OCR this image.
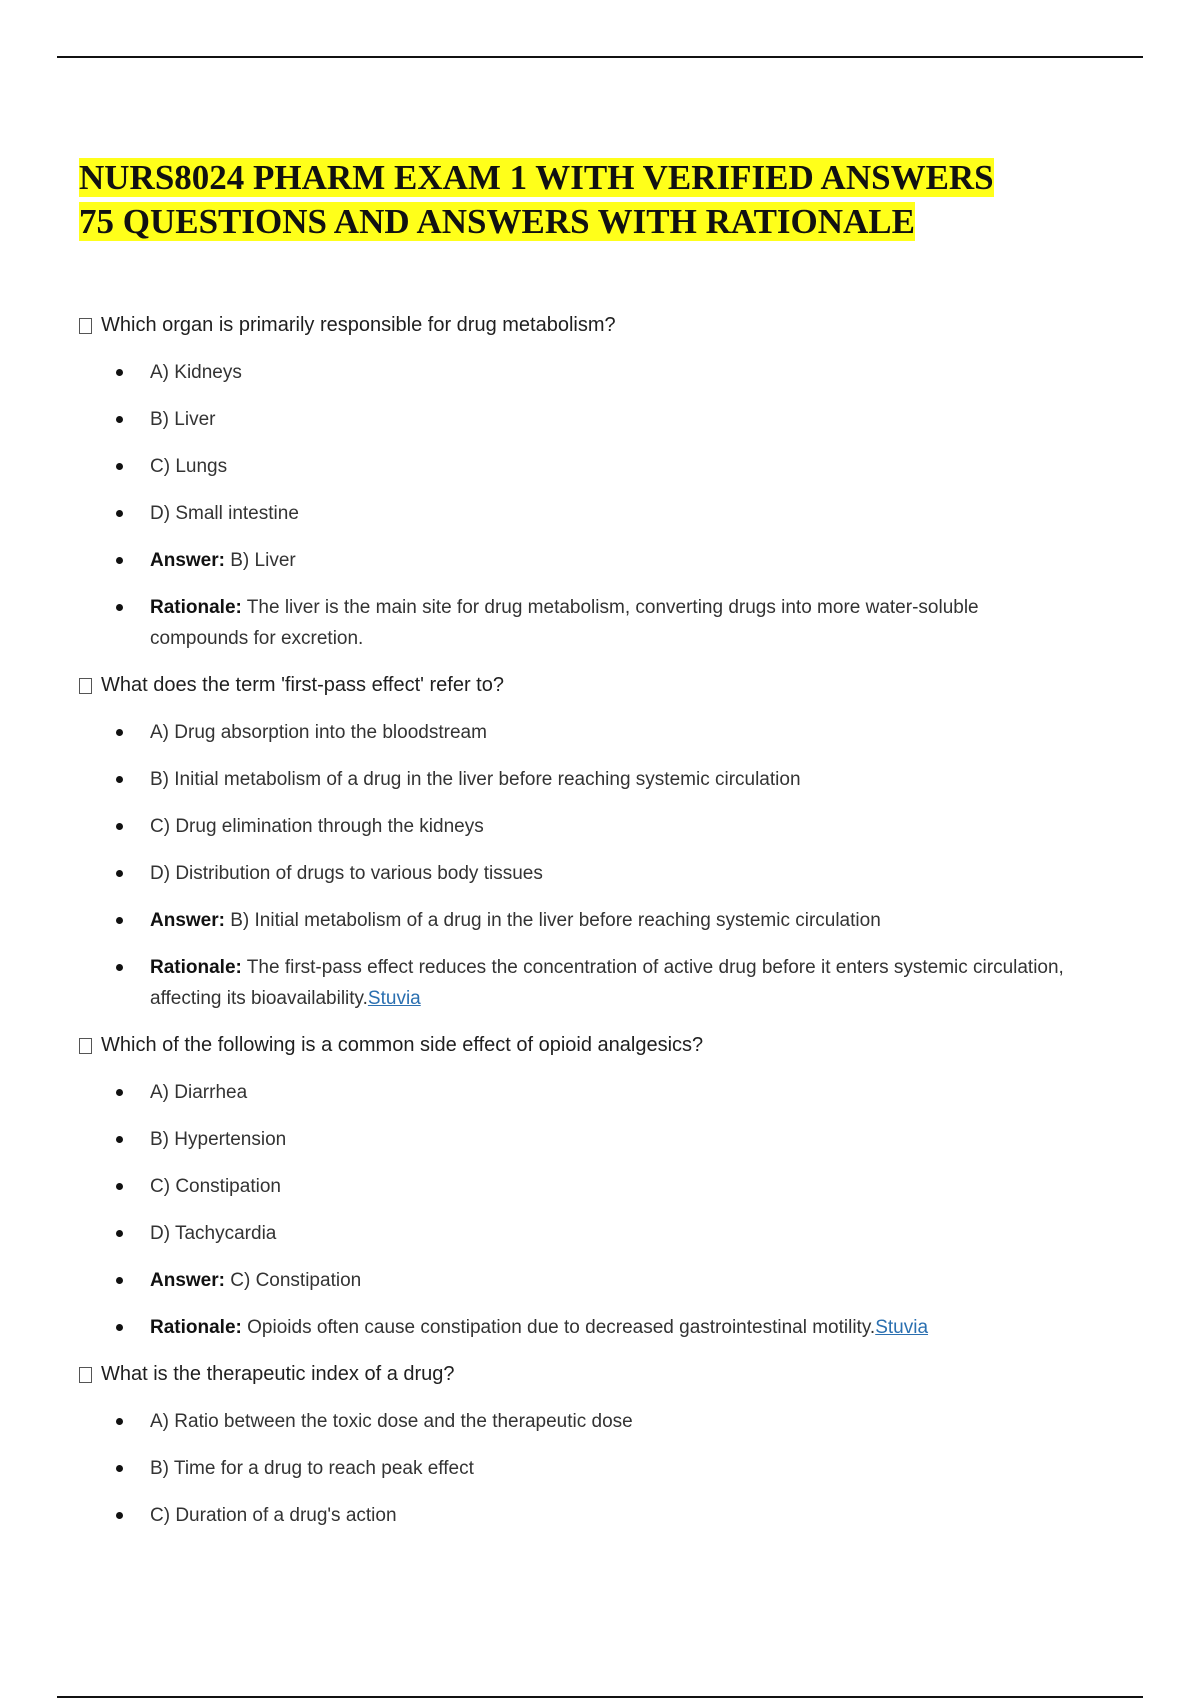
NURS8024 PHARM EXAM 1 WITH VERIFIED ANSWERS
75 QUESTIONS AND ANSWERS WITH RATIONALE
Which organ is primarily responsible for drug metabolism?
A) Kidneys
B) Liver
C) Lungs
D) Small intestine
Answer: B) Liver
Rationale: The liver is the main site for drug metabolism, converting drugs into more water-soluble compounds for excretion.
What does the term 'first-pass effect' refer to?
A) Drug absorption into the bloodstream
B) Initial metabolism of a drug in the liver before reaching systemic circulation
C) Drug elimination through the kidneys
D) Distribution of drugs to various body tissues
Answer: B) Initial metabolism of a drug in the liver before reaching systemic circulation
Rationale: The first-pass effect reduces the concentration of active drug before it enters systemic circulation, affecting its bioavailability.Stuvia
Which of the following is a common side effect of opioid analgesics?
A) Diarrhea
B) Hypertension
C) Constipation
D) Tachycardia
Answer: C) Constipation
Rationale: Opioids often cause constipation due to decreased gastrointestinal motility.Stuvia
What is the therapeutic index of a drug?
A) Ratio between the toxic dose and the therapeutic dose
B) Time for a drug to reach peak effect
C) Duration of a drug's action
